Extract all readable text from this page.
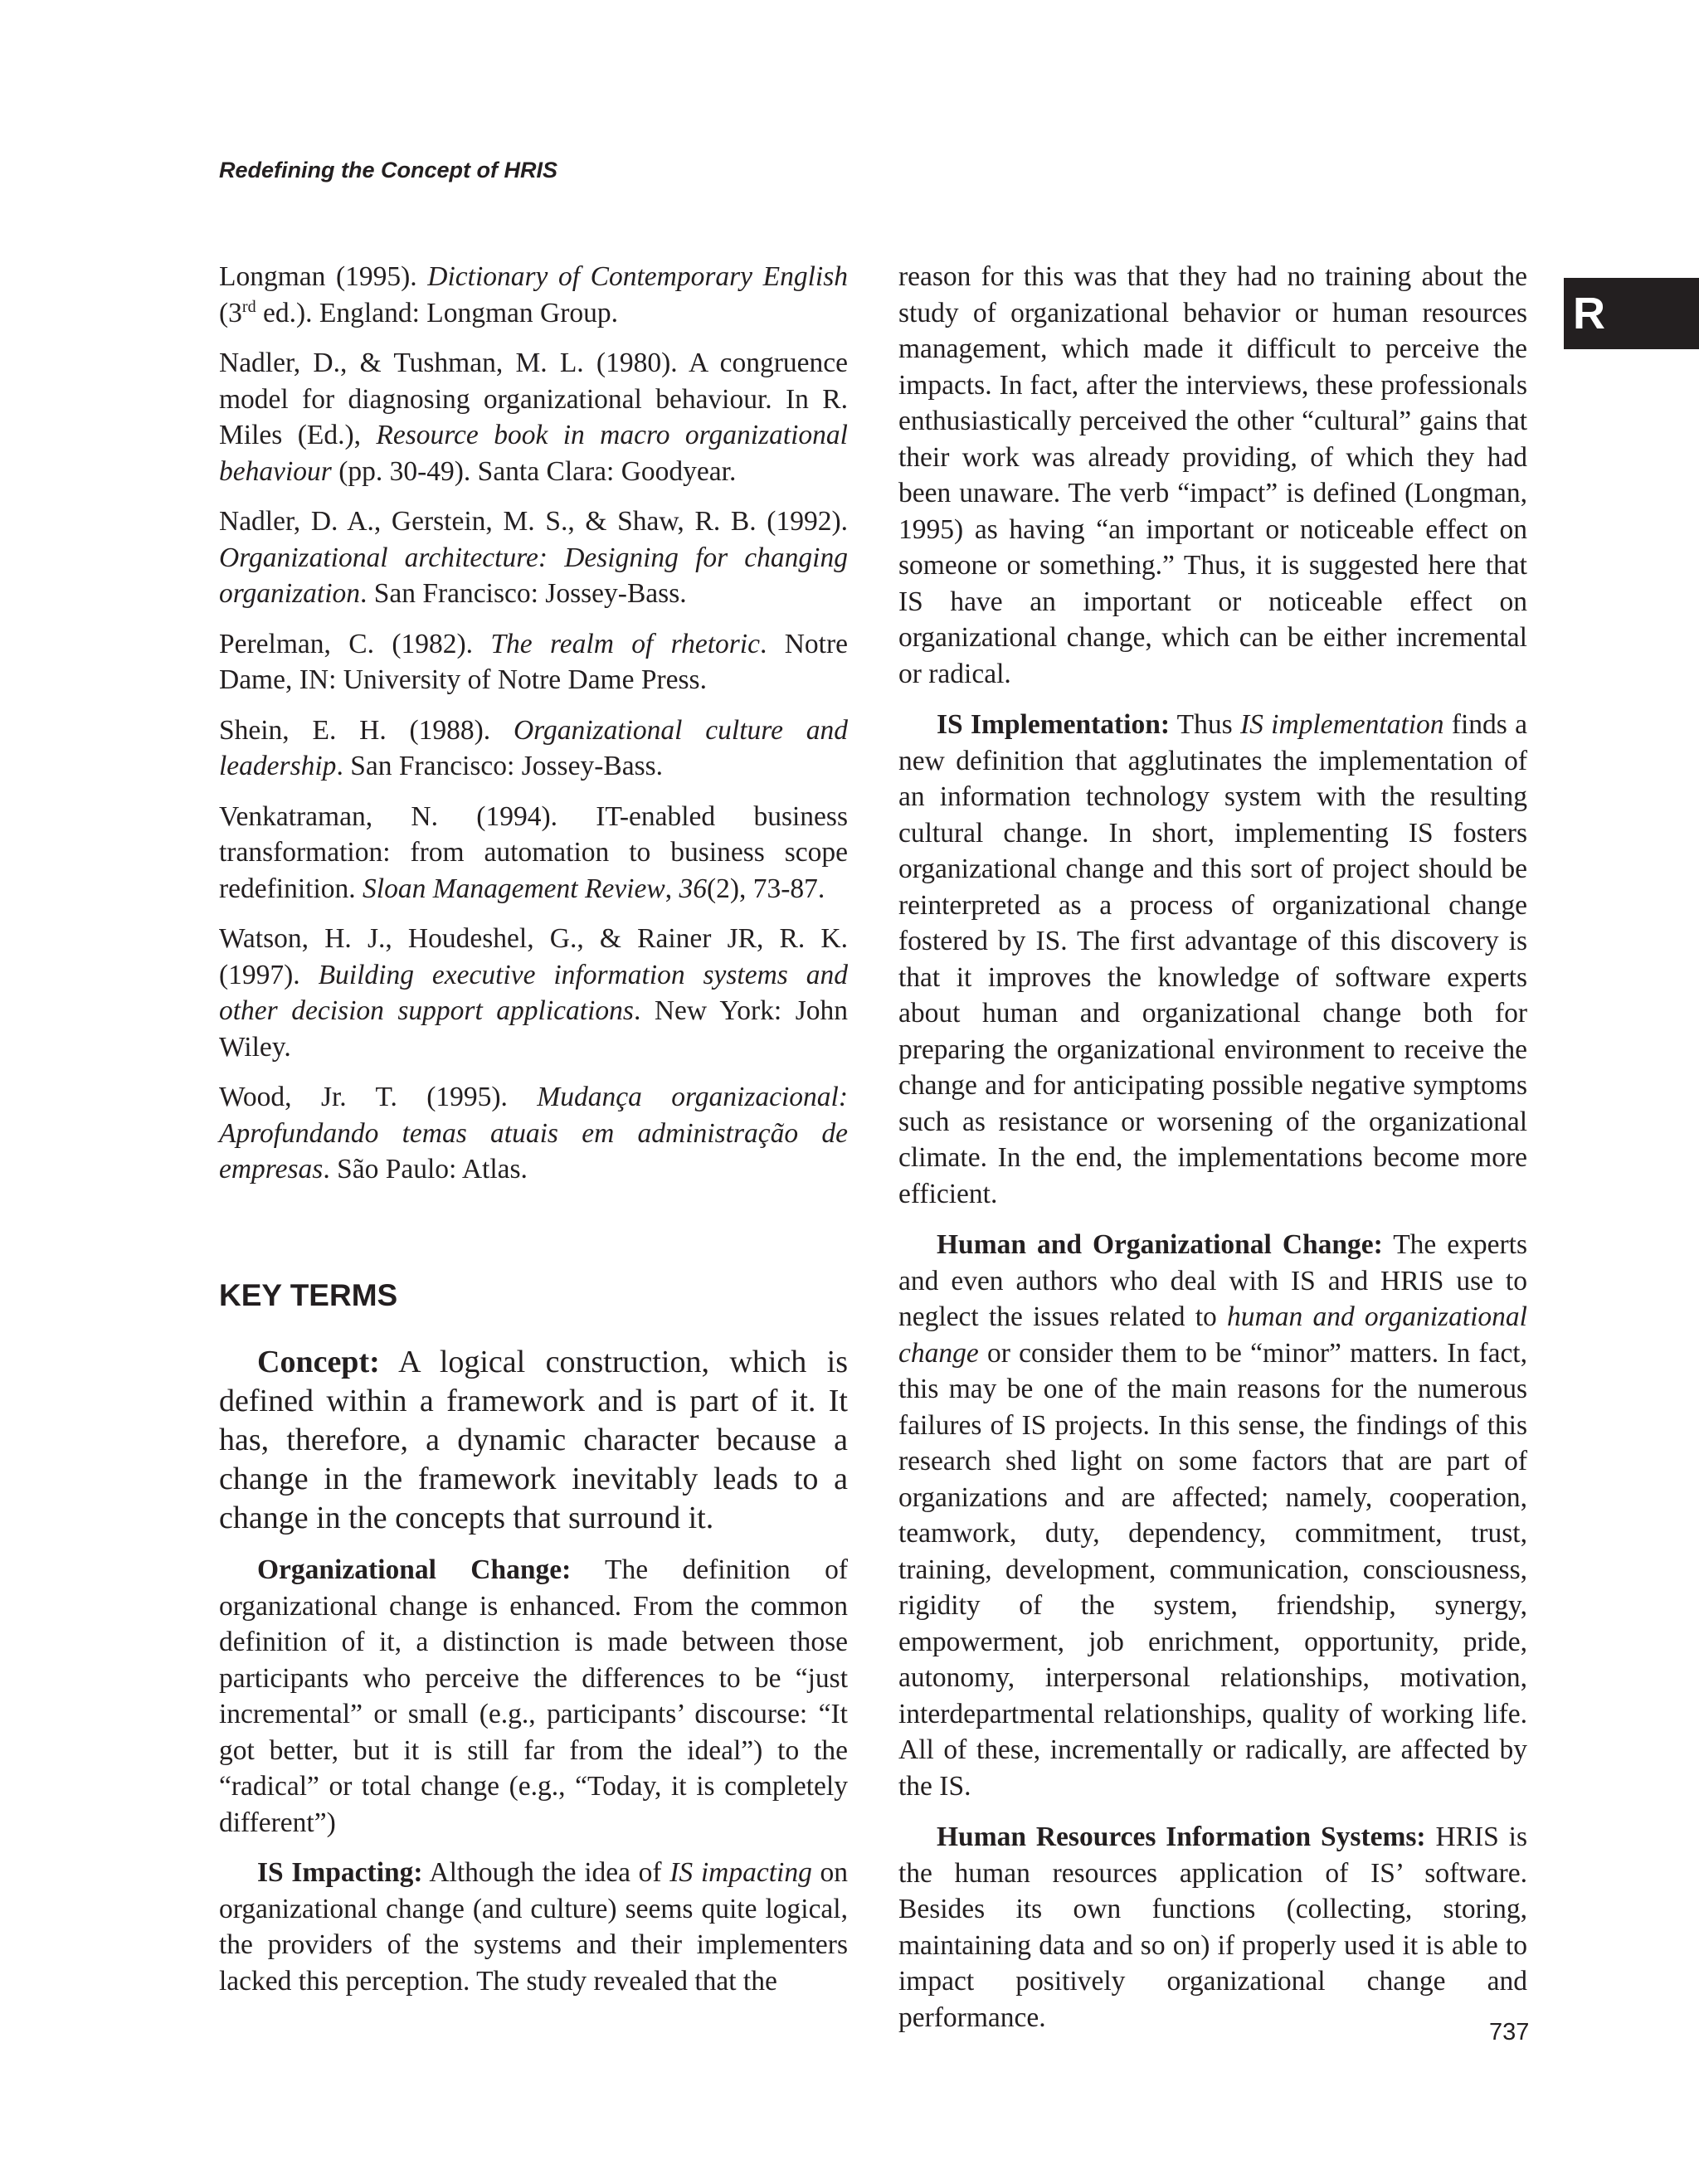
Redefining the Concept of HRIS
R

Longman (1995). Dictionary of Contemporary English (3rd ed.). England: Longman Group.

Nadler, D., & Tushman, M. L. (1980). A congruence model for diagnosing organizational behaviour. In R. Miles (Ed.), Resource book in macro organizational behaviour (pp. 30-49). Santa Clara: Goodyear.

Nadler, D. A., Gerstein, M. S., & Shaw, R. B. (1992). Organizational architecture: Designing for changing organization. San Francisco: Jossey-Bass.

Perelman, C. (1982). The realm of rhetoric. Notre Dame, IN: University of Notre Dame Press.

Shein, E. H. (1988). Organizational culture and leadership. San Francisco: Jossey-Bass.

Venkatraman, N. (1994). IT-enabled business transformation: from automation to business scope redefinition. Sloan Management Review, 36(2), 73-87.

Watson, H. J., Houdeshel, G., & Rainer JR, R. K. (1997). Building executive information systems and other decision support applications. New York: John Wiley.

Wood, Jr. T. (1995). Mudança organizacional: Aprofundando temas atuais em administração de empresas. São Paulo: Atlas.

KEY TERMS

Concept: A logical construction, which is defined within a framework and is part of it. It has, therefore, a dynamic character because a change in the framework inevitably leads to a change in the concepts that surround it.

Organizational Change: The definition of organizational change is enhanced. From the common definition of it, a distinction is made between those participants who perceive the differences to be “just incremental” or small (e.g., participants’ discourse: “It got better, but it is still far from the ideal”) to the “radical” or total change (e.g., “Today, it is completely different”)

IS Impacting: Although the idea of IS impacting on organizational change (and culture) seems quite logical, the providers of the systems and their implementers lacked this perception. The study revealed that the

reason for this was that they had no training about the study of organizational behavior or human resources management, which made it difficult to perceive the impacts. In fact, after the interviews, these professionals enthusiastically perceived the other “cultural” gains that their work was already providing, of which they had been unaware. The verb “impact” is defined (Longman, 1995) as having “an important or noticeable effect on someone or something.” Thus, it is suggested here that IS have an important or noticeable effect on organizational change, which can be either incremental or radical.

IS Implementation: Thus IS implementation finds a new definition that agglutinates the implementation of an information technology system with the resulting cultural change. In short, implementing IS fosters organizational change and this sort of project should be reinterpreted as a process of organizational change fostered by IS. The first advantage of this discovery is that it improves the knowledge of software experts about human and organizational change both for preparing the organizational environment to receive the change and for anticipating possible negative symptoms such as resistance or worsening of the organizational climate. In the end, the implementations become more efficient.

Human and Organizational Change: The experts and even authors who deal with IS and HRIS use to neglect the issues related to human and organizational change or consider them to be “minor” matters. In fact, this may be one of the main reasons for the numerous failures of IS projects. In this sense, the findings of this research shed light on some factors that are part of organizations and are affected; namely, cooperation, teamwork, duty, dependency, commitment, trust, training, development, communication, consciousness, rigidity of the system, friendship, synergy, empowerment, job enrichment, opportunity, pride, autonomy, interpersonal relationships, motivation, interdepartmental relationships, quality of working life. All of these, incrementally or radically, are affected by the IS.

Human Resources Information Systems: HRIS is the human resources application of IS’ software. Besides its own functions (collecting, storing, maintaining data and so on) if properly used it is able to impact positively organizational change and performance.	737
